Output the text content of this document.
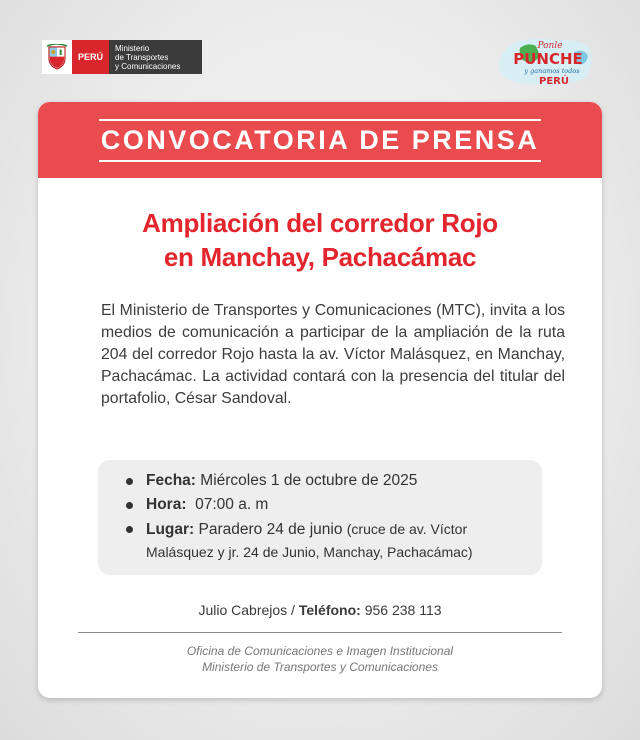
PERÚ
Ministerio
de Transportes
y Comunicaciones
Ponle
PUNCHE
y ganamos todos
PERÚ
CONVOCATORIA DE PRENSA
Ampliación del corredor Rojo
en Manchay, Pachacámac
El Ministerio de Transportes y Comunicaciones (MTC), invita a los medios de comunicación a participar de la ampliación de la ruta 204 del corredor Rojo hasta la av. Víctor Malásquez, en Manchay, Pachacámac. La actividad contará con la presencia del titular del portafolio, César Sandoval.
Fecha: Miércoles 1 de octubre de 2025
Hora: 07:00 a. m
Lugar: Paradero 24 de junio (cruce de av. Víctor
Malásquez y jr. 24 de Junio, Manchay, Pachacámac)
Julio Cabrejos / Teléfono: 956 238 113
Oficina de Comunicaciones e Imagen Institucional
Ministerio de Transportes y Comunicaciones
